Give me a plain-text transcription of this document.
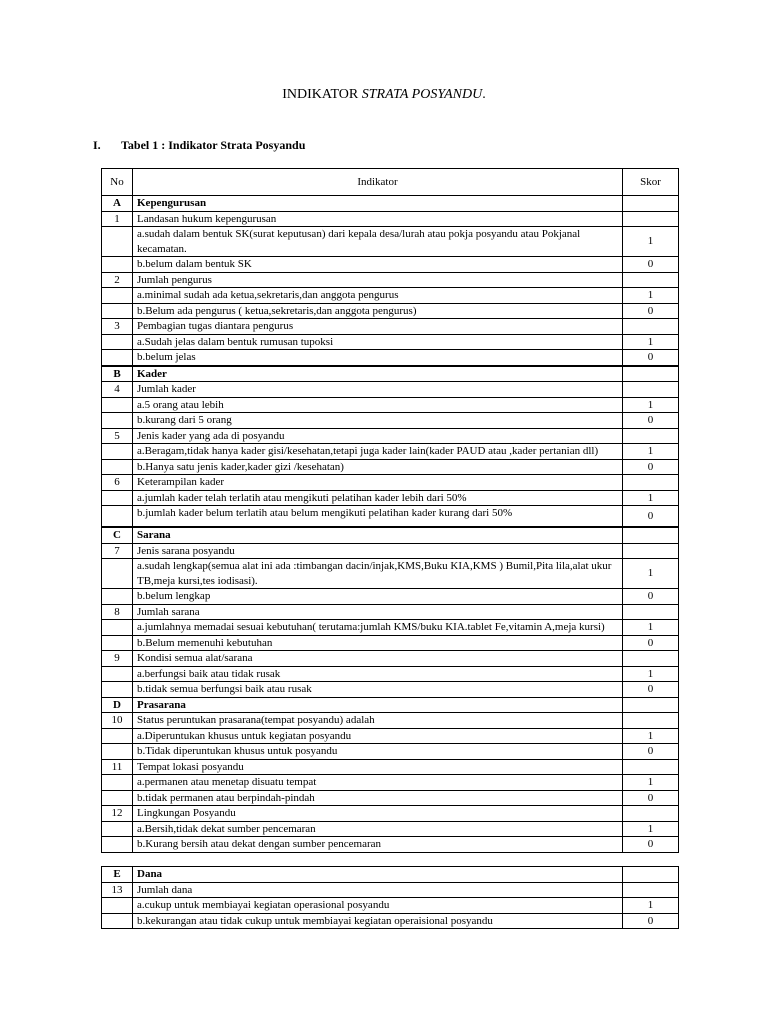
INDIKATOR STRATA POSYANDU.
I. Tabel 1 : Indikator Strata Posyandu
No	Indikator	Skor
A	Kepengurusan	
1	Landasan hukum kepengurusan	
	a.sudah dalam bentuk SK(surat keputusan) dari kepala desa/lurah atau pokja posyandu atau Pokjanal kecamatan.	1
	b.belum dalam bentuk SK	0
2	Jumlah pengurus	
	a.minimal sudah ada ketua,sekretaris,dan anggota pengurus	1
	b.Belum ada pengurus ( ketua,sekretaris,dan anggota pengurus)	0
3	Pembagian tugas diantara pengurus	
	a.Sudah jelas dalam bentuk rumusan tupoksi	1
	b.belum jelas	0
B	Kader	
4	Jumlah kader	
	a.5 orang atau lebih	1
	b.kurang dari 5 orang	0
5	Jenis kader yang ada di posyandu	
	a.Beragam,tidak hanya kader gisi/kesehatan,tetapi juga kader lain(kader PAUD atau ,kader pertanian dll)	1
	b.Hanya satu jenis kader,kader gizi /kesehatan)	0
6	Keterampilan kader	
	a.jumlah kader telah terlatih atau mengikuti pelatihan kader lebih dari 50%	1
	b.jumlah kader belum terlatih atau belum mengikuti pelatihan kader kurang dari 50%	0
C	Sarana	
7	Jenis sarana posyandu	
	a.sudah lengkap(semua alat ini ada :timbangan dacin/injak,KMS,Buku KIA,KMS ) Bumil,Pita lila,alat ukur TB,meja kursi,tes iodisasi).	1
	b.belum lengkap	0
8	Jumlah sarana	
	a.jumlahnya memadai sesuai kebutuhan( terutama:jumlah KMS/buku KIA.tablet Fe,vitamin A,meja kursi)	1
	b.Belum memenuhi kebutuhan	0
9	Kondisi semua alat/sarana	
	a.berfungsi baik atau tidak rusak	1
	b.tidak semua berfungsi baik atau rusak	0
D	Prasarana	
10	Status peruntukan prasarana(tempat posyandu) adalah	
	a.Diperuntukan khusus untuk kegiatan posyandu	1
	b.Tidak diperuntukan khusus untuk posyandu	0
11	Tempat lokasi posyandu	
	a.permanen atau menetap disuatu tempat	1
	b.tidak permanen atau berpindah-pindah	0
12	Lingkungan Posyandu	
	a.Bersih,tidak dekat sumber pencemaran	1
	b.Kurang bersih atau dekat dengan sumber pencemaran	0
E	Dana	
13	Jumlah dana	
	a.cukup untuk membiayai kegiatan operasional posyandu	1
	b.kekurangan atau tidak cukup untuk membiayai kegiatan operaisional posyandu	0
